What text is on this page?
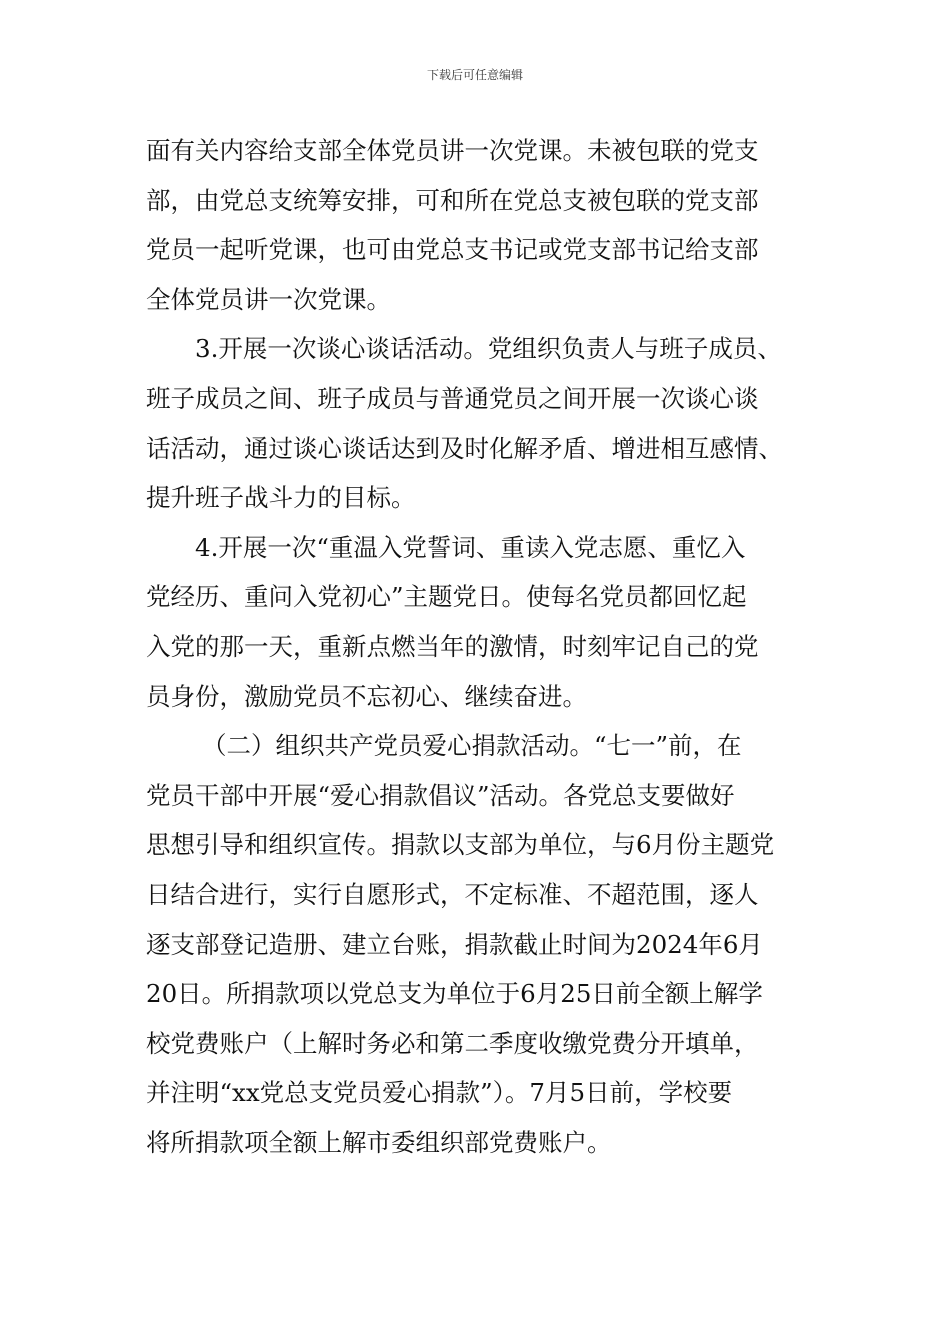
下载后可任意编辑
面有关内容给支部全体党员讲一次党课。未被包联的党支
部，由党总支统筹安排，可和所在党总支被包联的党支部
党员一起听党课，也可由党总支书记或党支部书记给支部
全体党员讲一次党课。
3.开展一次谈心谈话活动。党组织负责人与班子成员、
班子成员之间、班子成员与普通党员之间开展一次谈心谈
话活动，通过谈心谈话达到及时化解矛盾、增进相互感情、
提升班子战斗力的目标。
4.开展一次“重温入党誓词、重读入党志愿、重忆入
党经历、重问入党初心”主题党日。使每名党员都回忆起
入党的那一天，重新点燃当年的激情，时刻牢记自己的党
员身份，激励党员不忘初心、继续奋进。
（二）组织共产党员爱心捐款活动。“七一”前，在
党员干部中开展“爱心捐款倡议”活动。各党总支要做好
思想引导和组织宣传。捐款以支部为单位，与6月份主题党
日结合进行，实行自愿形式，不定标准、不超范围，逐人
逐支部登记造册、建立台账，捐款截止时间为2024年6月
20日。所捐款项以党总支为单位于6月25日前全额上解学
校党费账户（上解时务必和第二季度收缴党费分开填单，
并注明“xx党总支党员爱心捐款”）。7月5日前，学校要
将所捐款项全额上解市委组织部党费账户。
